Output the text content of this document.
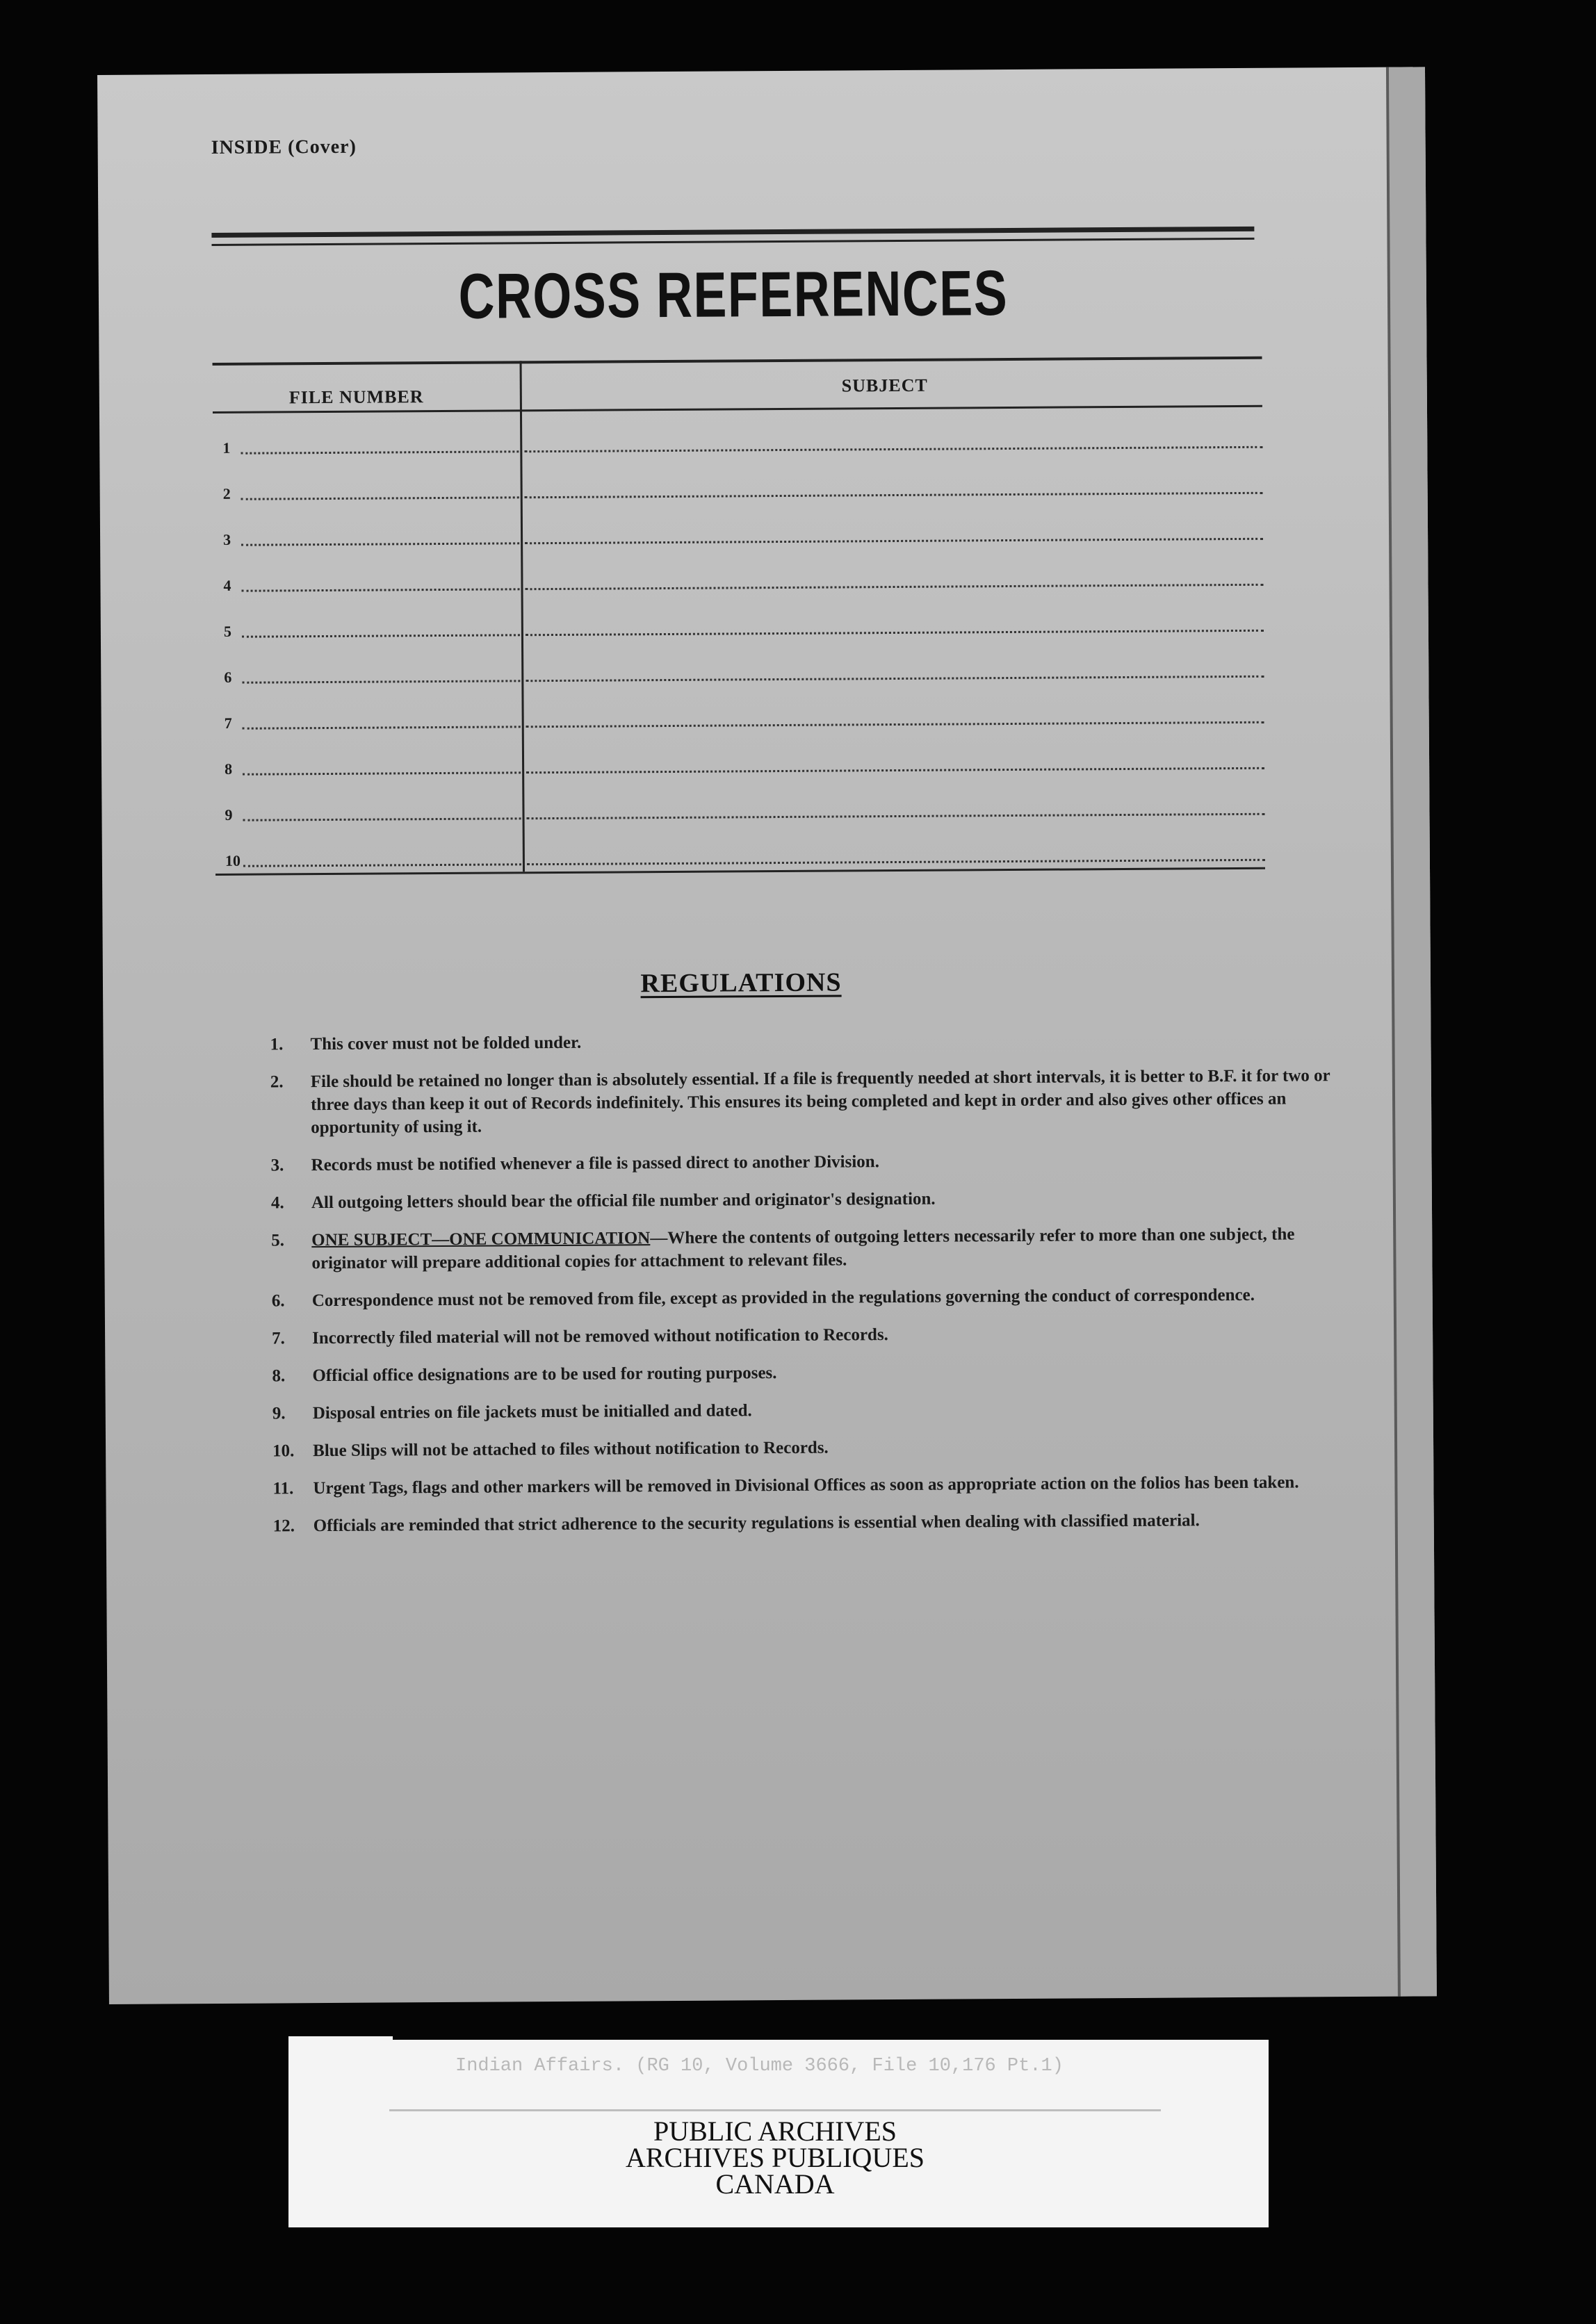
INSIDE (Cover)
CROSS REFERENCES
FILE NUMBER
SUBJECT
1
2
3
4
5
6
7
8
9
10
REGULATIONS
1. This cover must not be folded under.
2. File should be retained no longer than is absolutely essential. If a file is frequently needed at short intervals, it is better to B.F. it for two or three days than keep it out of Records indefinitely. This ensures its being completed and kept in order and also gives other offices an opportunity of using it.
3. Records must be notified whenever a file is passed direct to another Division.
4. All outgoing letters should bear the official file number and originator's designation.
5. ONE SUBJECT—ONE COMMUNICATION—Where the contents of outgoing letters necessarily refer to more than one subject, the originator will prepare additional copies for attachment to relevant files.
6. Correspondence must not be removed from file, except as provided in the regulations governing the conduct of correspondence.
7. Incorrectly filed material will not be removed without notification to Records.
8. Official office designations are to be used for routing purposes.
9. Disposal entries on file jackets must be initialled and dated.
10. Blue Slips will not be attached to files without notification to Records.
11. Urgent Tags, flags and other markers will be removed in Divisional Offices as soon as appropriate action on the folios has been taken.
12. Officials are reminded that strict adherence to the security regulations is essential when dealing with classified material.
Indian Affairs. (RG 10, Volume 3666, File 10,176 Pt.1)
PUBLIC ARCHIVES
ARCHIVES PUBLIQUES
CANADA
